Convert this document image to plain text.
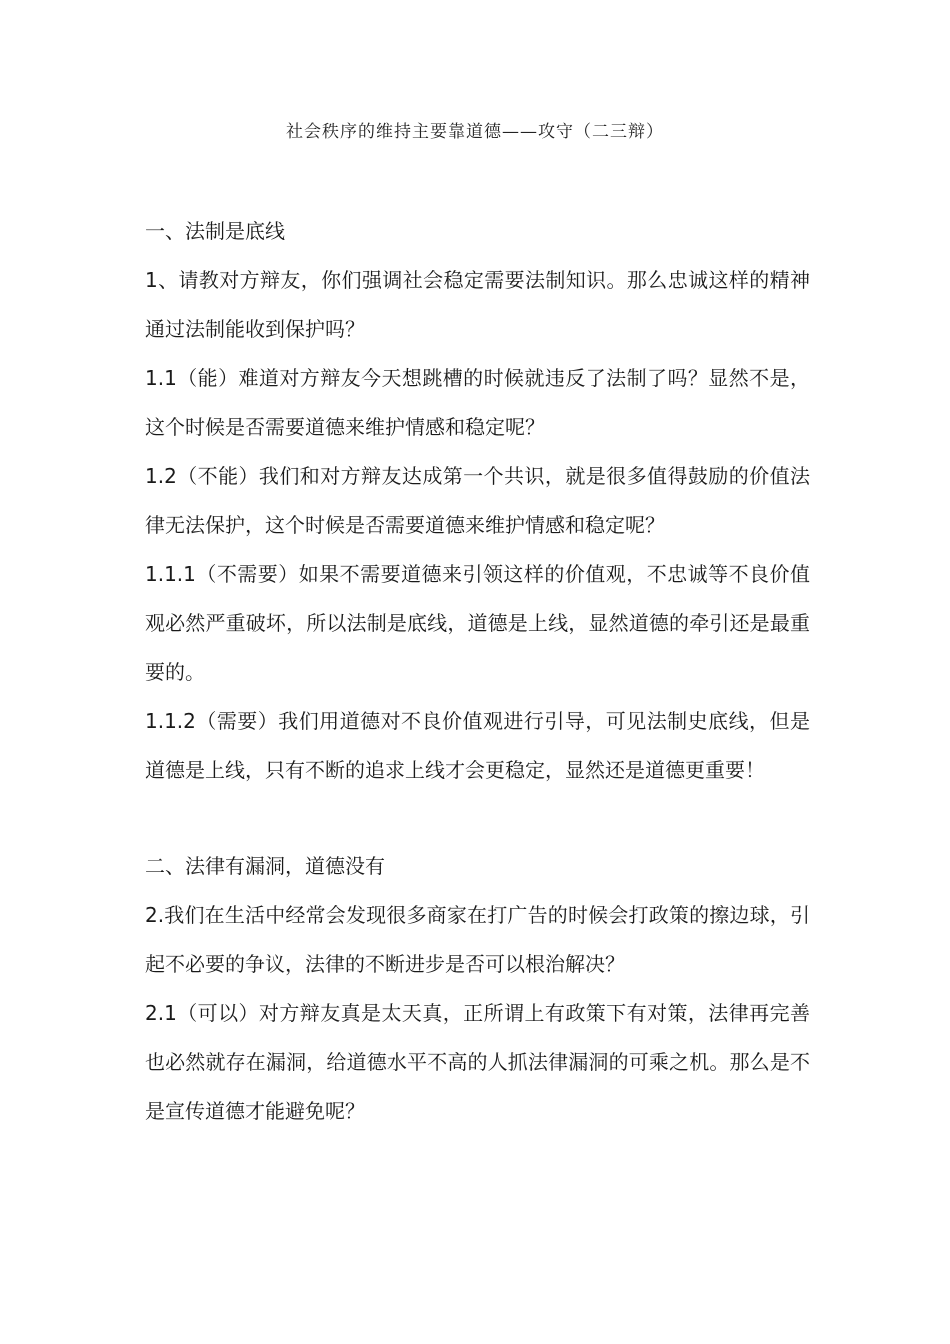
社会秩序的维持主要靠道德——攻守（二三辩）

一、法制是底线

1、请教对方辩友，你们强调社会稳定需要法制知识。那么忠诚这样的精神通过法制能收到保护吗？

1.1（能）难道对方辩友今天想跳槽的时候就违反了法制了吗？显然不是，这个时候是否需要道德来维护情感和稳定呢？

1.2（不能）我们和对方辩友达成第一个共识，就是很多值得鼓励的价值法律无法保护，这个时候是否需要道德来维护情感和稳定呢？

1.1.1（不需要）如果不需要道德来引领这样的价值观，不忠诚等不良价值观必然严重破坏，所以法制是底线，道德是上线，显然道德的牵引还是最重要的。

1.1.2（需要）我们用道德对不良价值观进行引导，可见法制史底线，但是道德是上线，只有不断的追求上线才会更稳定，显然还是道德更重要！

二、法律有漏洞，道德没有

2.我们在生活中经常会发现很多商家在打广告的时候会打政策的擦边球，引起不必要的争议，法律的不断进步是否可以根治解决？

2.1（可以）对方辩友真是太天真，正所谓上有政策下有对策，法律再完善也必然就存在漏洞，给道德水平不高的人抓法律漏洞的可乘之机。那么是不是宣传道德才能避免呢？
